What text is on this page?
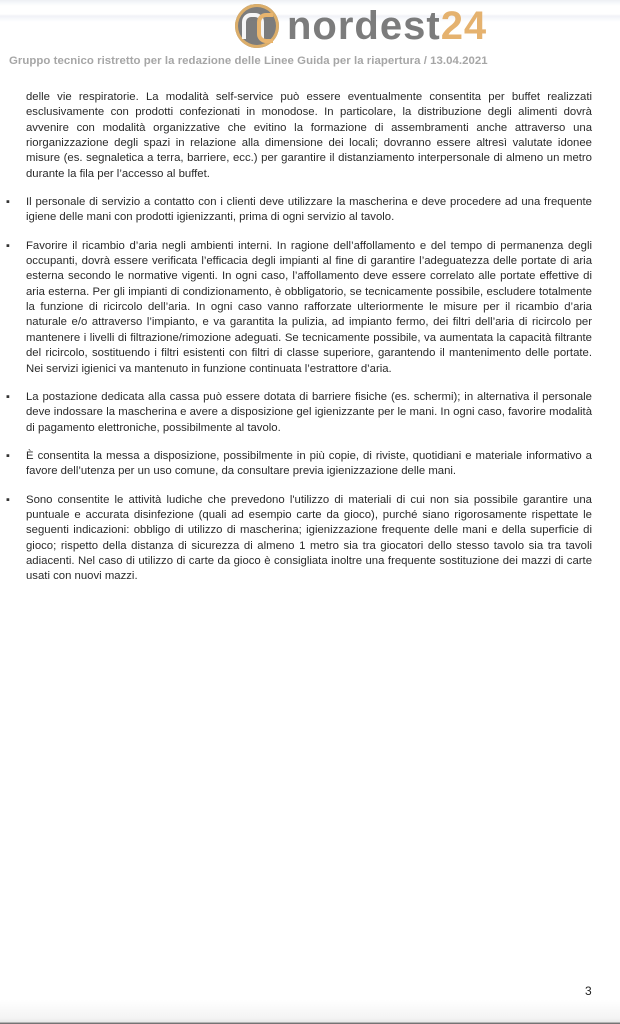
nordest24
Gruppo tecnico ristretto per la redazione delle Linee Guida per la riapertura / 13.04.2021

delle vie respiratorie. La modalità self-service può essere eventualmente consentita per buffet realizzati esclusivamente con prodotti confezionati in monodose. In particolare, la distribuzione degli alimenti dovrà avvenire con modalità organizzative che evitino la formazione di assembramenti anche attraverso una riorganizzazione degli spazi in relazione alla dimensione dei locali; dovranno essere altresì valutate idonee misure (es. segnaletica a terra, barriere, ecc.) per garantire il distanziamento interpersonale di almeno un metro durante la fila per l’accesso al buffet.

▪ Il personale di servizio a contatto con i clienti deve utilizzare la mascherina e deve procedere ad una frequente igiene delle mani con prodotti igienizzanti, prima di ogni servizio al tavolo.
▪ Favorire il ricambio d’aria negli ambienti interni. In ragione dell’affollamento e del tempo di permanenza degli occupanti, dovrà essere verificata l’efficacia degli impianti al fine di garantire l’adeguatezza delle portate di aria esterna secondo le normative vigenti. In ogni caso, l’affollamento deve essere correlato alle portate effettive di aria esterna. Per gli impianti di condizionamento, è obbligatorio, se tecnicamente possibile, escludere totalmente la funzione di ricircolo dell’aria. In ogni caso vanno rafforzate ulteriormente le misure per il ricambio d’aria naturale e/o attraverso l’impianto, e va garantita la pulizia, ad impianto fermo, dei filtri dell’aria di ricircolo per mantenere i livelli di filtrazione/rimozione adeguati. Se tecnicamente possibile, va aumentata la capacità filtrante del ricircolo, sostituendo i filtri esistenti con filtri di classe superiore, garantendo il mantenimento delle portate. Nei servizi igienici va mantenuto in funzione continuata l’estrattore d’aria.
▪ La postazione dedicata alla cassa può essere dotata di barriere fisiche (es. schermi); in alternativa il personale deve indossare la mascherina e avere a disposizione gel igienizzante per le mani. In ogni caso, favorire modalità di pagamento elettroniche, possibilmente al tavolo.
▪ È consentita la messa a disposizione, possibilmente in più copie, di riviste, quotidiani e materiale informativo a favore dell’utenza per un uso comune, da consultare previa igienizzazione delle mani.
▪ Sono consentite le attività ludiche che prevedono l'utilizzo di materiali di cui non sia possibile garantire una puntuale e accurata disinfezione (quali ad esempio carte da gioco), purché siano rigorosamente rispettate le seguenti indicazioni: obbligo di utilizzo di mascherina; igienizzazione frequente delle mani e della superficie di gioco; rispetto della distanza di sicurezza di almeno 1 metro sia tra giocatori dello stesso tavolo sia tra tavoli adiacenti. Nel caso di utilizzo di carte da gioco è consigliata inoltre una frequente sostituzione dei mazzi di carte usati con nuovi mazzi.
3
